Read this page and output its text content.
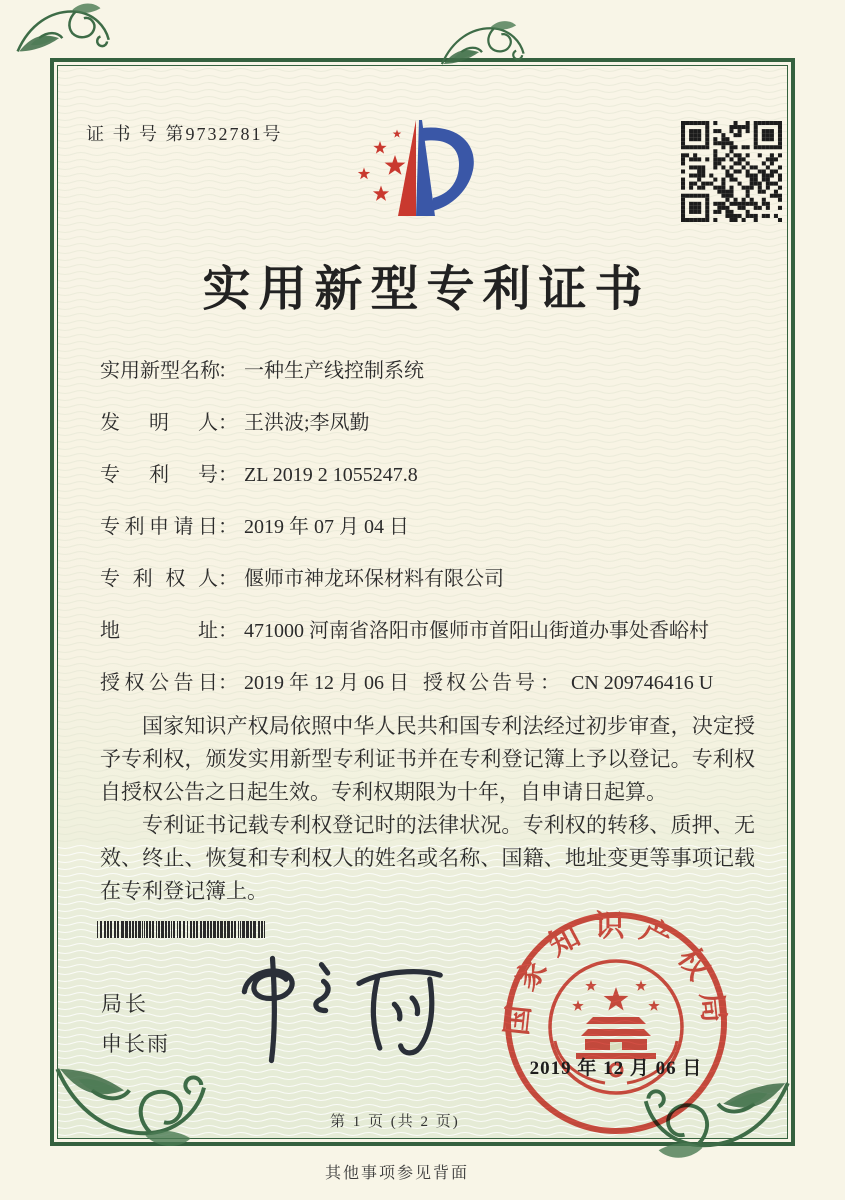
证 书 号 第9732781号
实用新型专利证书
实用新型名称
： 一种生产线控制系统
发明人 ： 王洪波;李凤勤
专利号 ： ZL 2019 2 1055247.8
专利申请日 ： 2019 年 07 月 04 日
专利权人 ： 偃师市神龙环保材料有限公司
地址 ： 471000 河南省洛阳市偃师市首阳山街道办事处香峪村
授权公告日 ： 2019 年 12 月 06 日 授权公告号 ： CN 209746416 U

国家知识产权局依照中华人民共和国专利法经过初步审查，决定授予专利权，颁发实用新型专利证书并在专利登记簿上予以登记。专利权自授权公告之日起生效。专利权期限为十年，自申请日起算。

专利证书记载专利权登记时的法律状况。专利权的转移、质押、无效、终止、恢复和专利权人的姓名或名称、国籍、地址变更等事项记载在专利登记簿上。

国家知识产权局
2019 年 12 月 06 日
局长
申长雨
第 1 页 (共 2 页)
其他事项参见背面
